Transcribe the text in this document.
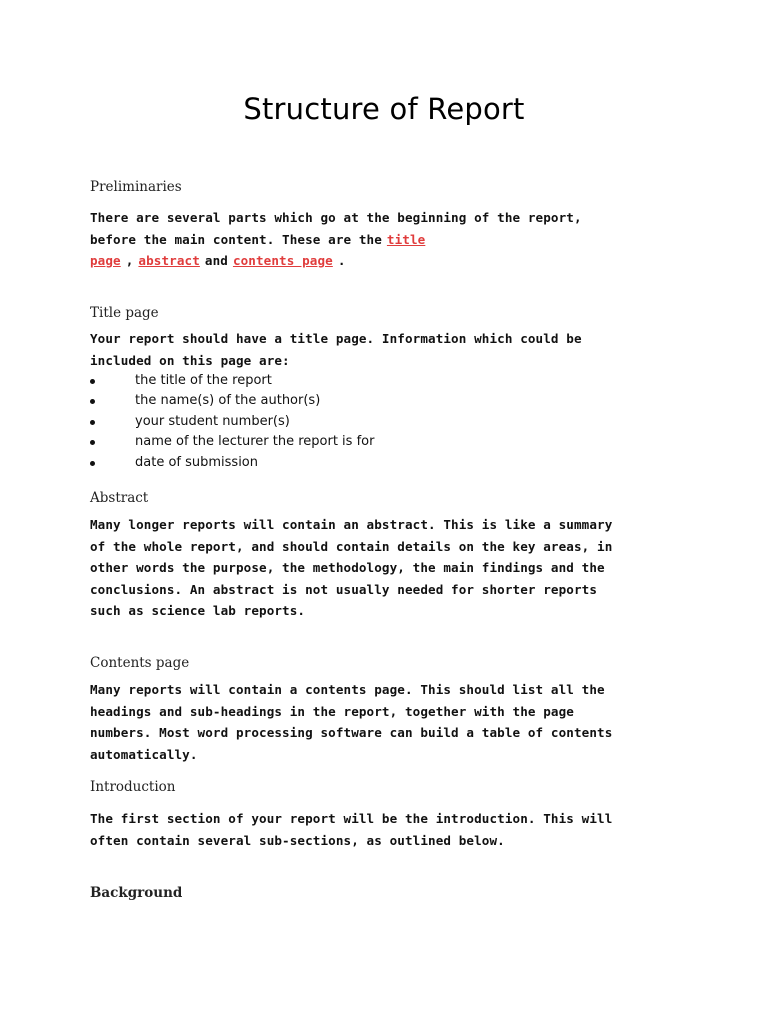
Structure of Report
Preliminaries

There are several parts which go at the beginning of the report, before the main content. These are the title page , abstract and contents page .

Title page

Your report should have a title page. Information which could be included on this page are:

the title of the report
the name(s) of the author(s)
your student number(s)
name of the lecturer the report is for
date of submission
Abstract

Many longer reports will contain an abstract. This is like a summary of the whole report, and should contain details on the key areas, in other words the purpose, the methodology, the main findings and the conclusions. An abstract is not usually needed for shorter reports such as science lab reports.

Contents page

Many reports will contain a contents page. This should list all the headings and sub-headings in the report, together with the page numbers. Most word processing software can build a table of contents automatically.

Introduction

The first section of your report will be the introduction. This will often contain several sub-sections, as outlined below.

Background
